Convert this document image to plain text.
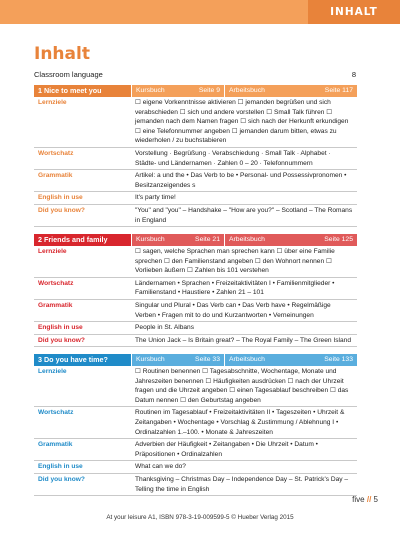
INHALT
Inhalt
Classroom language	8
1 Nice to meet you	Kursbuch	Seite 9 Arbeitsbuch	Seite 117
Lernziele	☐ eigene Vorkenntnisse aktivieren ☐ jemanden begrüßen und sich verabschieden ☐ sich und andere vorstellen ☐ Small Talk führen ☐ jemanden nach dem Namen fragen ☐ sich nach der Herkunft erkundigen ☐ eine Telefonnummer angeben ☐ jemanden darum bitten, etwas zu wiederholen / zu buchstabieren
Wortschatz	Vorstellung · Begrüßung · Verabschiedung · Small Talk · Alphabet · Städte- und Ländernamen · Zahlen 0 – 20 · Telefonnummern
Grammatik	Artikel: a und the • Das Verb to be • Personal- und Possessivpronomen • Besitzanzeigendes s
English in use	It's party time!
Did you know?	"You" and "you" – Handshake – "How are you?" – Scotland – The Romans in England
2 Friends and family	Kursbuch	Seite 21 Arbeitsbuch	Seite 125
Lernziele	☐ sagen, welche Sprachen man sprechen kann ☐ über eine Familie sprechen ☐ den Familienstand angeben ☐ den Wohnort nennen ☐ Vorlieben äußern ☐ Zahlen bis 101 verstehen
Wortschatz	Ländernamen • Sprachen • Freizeitaktivitäten I • Familienmitglieder • Familienstand • Haustiere • Zahlen 21 – 101
Grammatik	Singular und Plural • Das Verb can • Das Verb have • Regelmäßige Verben • Fragen mit to do und Kurzantworten • Verneinungen
English in use	People in St. Albans
Did you know?	The Union Jack – Is Britain great? – The Royal Family – The Green Island
3 Do you have time?	Kursbuch	Seite 33 Arbeitsbuch	Seite 133
Lernziele	☐ Routinen benennen ☐ Tagesabschnitte, Wochentage, Monate und Jahreszeiten benennen ☐ Häufigkeiten ausdrücken ☐ nach der Uhrzeit fragen und die Uhrzeit angeben ☐ einen Tagesablauf beschreiben ☐ das Datum nennen ☐ den Geburtstag angeben
Wortschatz	Routinen im Tagesablauf • Freizeitaktivitäten II • Tageszeiten • Uhrzeit & Zeitangaben • Wochentage • Vorschlag & Zustimmung / Ablehnung I • Ordinalzahlen 1.–100. • Monate & Jahreszeiten
Grammatik	Adverbien der Häufigkeit • Zeitangaben • Die Uhrzeit • Datum • Präpositionen • Ordinalzahlen
English in use	What can we do?
Did you know?	Thanksgiving – Christmas Day – Independence Day – St. Patrick's Day – Telling the time in English
five // 5
At your leisure A1, ISBN 978-3-19-009599-5 © Hueber Verlag 2015
